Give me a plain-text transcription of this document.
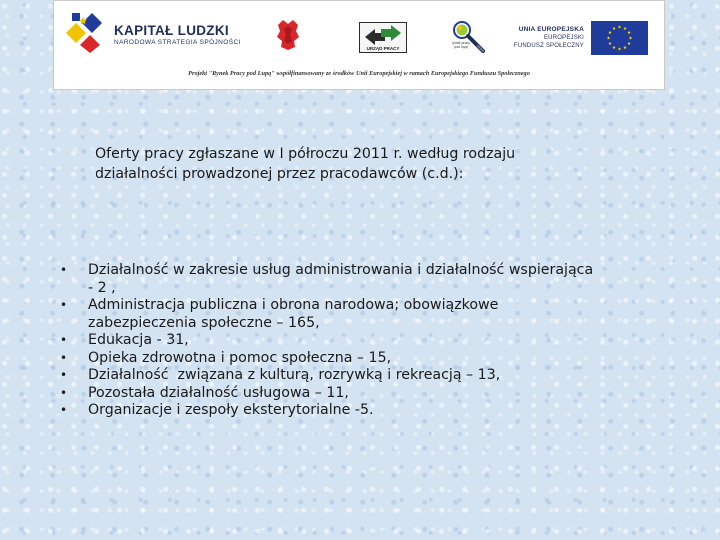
KAPITAŁ LUDZKI
NARODOWA STRATEGIA SPÓJNOŚCI
URZĄD PRACY
rynek pracy pod lupą
UNIA EUROPEJSKA
EUROPEJSKI
FUNDUSZ SPOŁECZNY
Projekt "Rynek Pracy pod Lupą" współfinansowany ze środków Unii Europejskiej w ramach Europejskiego Funduszu Społecznego
Oferty pracy zgłaszane w I półroczu 2011 r. według rodzaju
działalności prowadzonej przez pracodawców (c.d.):
• Działalność w zakresie usług administrowania i działalność wspierająca
- 2 ,
• Administracja publiczna i obrona narodowa; obowiązkowe
zabezpieczenia społeczne – 165,
• Edukacja - 31,
• Opieka zdrowotna i pomoc społeczna – 15,
• Działalność  związana z kulturą, rozrywką i rekreacją – 13,
• Pozostała działalność usługowa – 11,
• Organizacje i zespoły eksterytorialne -5.
